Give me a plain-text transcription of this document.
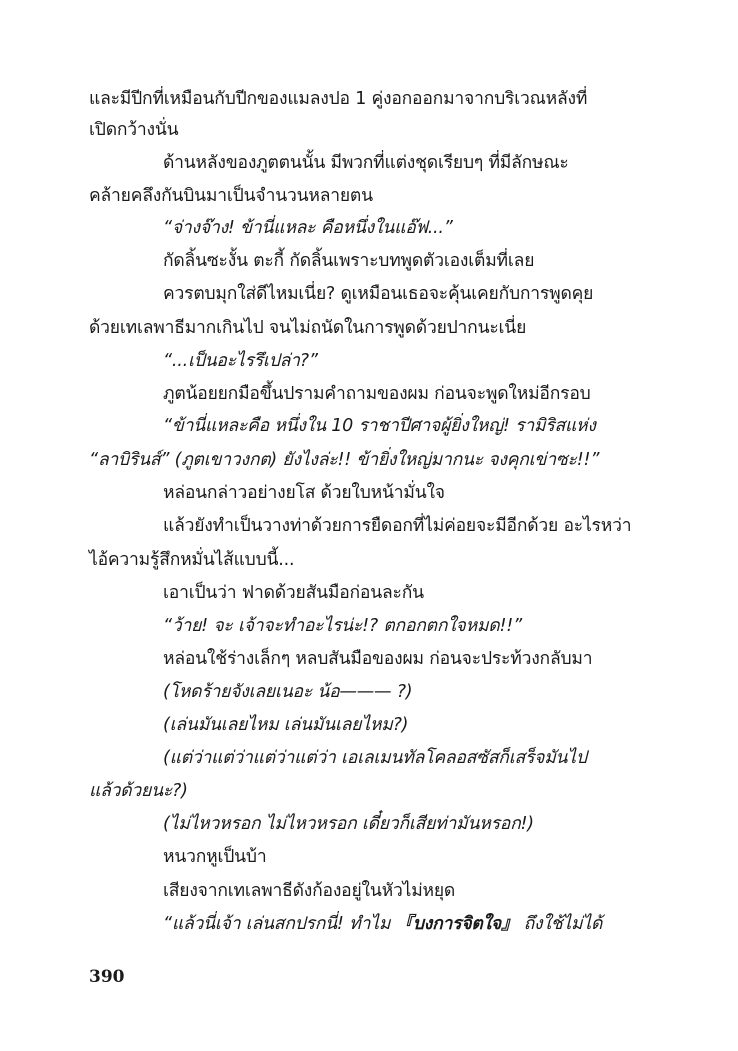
และมีปีกที่เหมือนกับปีกของแมลงปอ 1 คู่งอกออกมาจากบริเวณหลังที่
เปิดกว้างนั่น
ด้านหลังของภูตตนนั้น มีพวกที่แต่งชุดเรียบๆ ที่มีลักษณะ
คล้ายคลึงกันบินมาเป็นจำนวนหลายตน
“จ่างจ๊าง! ข้านี่แหละ คือหนึ่งในแอ๊ฟ...”
กัดลิ้นซะงั้น ตะกี้ กัดลิ้นเพราะบทพูดตัวเองเต็มที่เลย
ควรตบมุกใส่ดีไหมเนี่ย? ดูเหมือนเธอจะคุ้นเคยกับการพูดคุย
ด้วยเทเลพาธีมากเกินไป จนไม่ถนัดในการพูดด้วยปากนะเนี่ย
“...เป็นอะไรรึเปล่า?”
ภูตน้อยยกมือขึ้นปรามคำถามของผม ก่อนจะพูดใหม่อีกรอบ
“ข้านี่แหละคือ หนึ่งใน 10 ราชาปีศาจผู้ยิ่งใหญ่! รามิริสแห่ง
“ลาบิรินส์” (ภูตเขาวงกต) ยังไงล่ะ!! ข้ายิ่งใหญ่มากนะ จงคุกเข่าซะ!!”
หล่อนกล่าวอย่างยโส ด้วยใบหน้ามั่นใจ
แล้วยังทำเป็นวางท่าด้วยการยืดอกที่ไม่ค่อยจะมีอีกด้วย อะไรหว่า
ไอ้ความรู้สึกหมั่นไส้แบบนี้...
เอาเป็นว่า ฟาดด้วยสันมือก่อนละกัน
“ว้าย! จะ เจ้าจะทำอะไรน่ะ!? ตกอกตกใจหมด!!”
หล่อนใช้ร่างเล็กๆ หลบสันมือของผม ก่อนจะประท้วงกลับมา
(โหดร้ายจังเลยเนอะ น้อ——— ?)
(เล่นมันเลยไหม เล่นมันเลยไหม?)
(แต่ว่าแต่ว่าแต่ว่าแต่ว่า เอเลเมนทัลโคลอสซัสก็เสร็จมันไป
แล้วด้วยนะ?)
(ไม่ไหวหรอก ไม่ไหวหรอก เดี๋ยวก็เสียท่ามันหรอก!)
หนวกหูเป็นบ้า
เสียงจากเทเลพาธีดังก้องอยู่ในหัวไม่หยุด
“แล้วนี่เจ้า เล่นสกปรกนี่! ทำไม 『บงการจิตใจ』 ถึงใช้ไม่ได้
390
